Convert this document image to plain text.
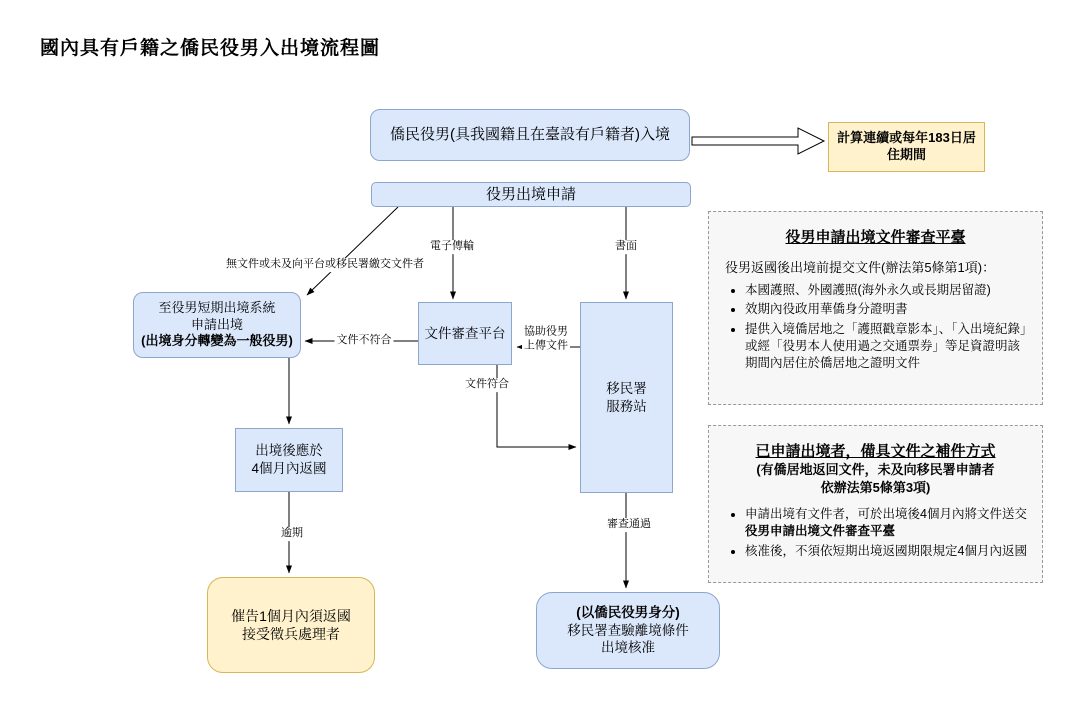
國內具有戶籍之僑民役男入出境流程圖
僑民役男(具我國籍且在臺設有戶籍者)入境	計算連續或每年183日居住期間
役男出境申請
至役男短期出境系統
申請出境
(出境身分轉變為一般役男)
文件審查平台
移民署
服務站
出境後應於
4個月內返國
催告1個月內須返國
接受徵兵處理者
(以僑民役男身分)
移民署查驗離境條件
出境核准
無文件或未及向平台或移民署繳交文件者
電子傳輸	書面
文件不符合
協助役男
上傳文件
文件符合
逾期
審查通過
役男申請出境文件審查平臺
役男返國後出境前提交文件(辦法第5條第1項)：
• 本國護照、外國護照(海外永久或長期居留證)
• 效期內役政用華僑身分證明書
• 提供入境僑居地之「護照戳章影本」、「入出境紀錄」或經「役男本人使用過之交通票券」等足資證明該期間內居住於僑居地之證明文件
已申請出境者，備具文件之補件方式
(有僑居地返回文件，未及向移民署申請者
依辦法第5條第3項)
• 申請出境有文件者，可於出境後4個月內將文件送交役男申請出境文件審查平臺
• 核准後，不須依短期出境返國期限規定4個月內返國
